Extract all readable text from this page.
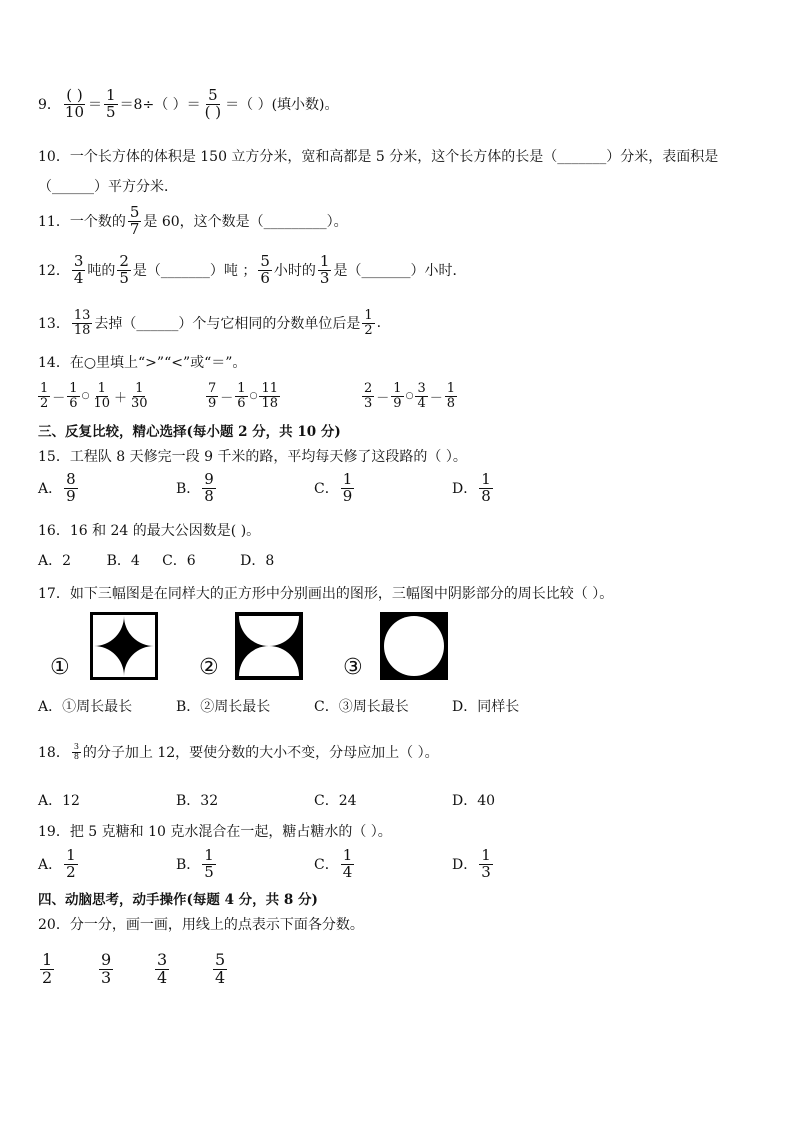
9． $\frac{( )}{10} = \frac{1}{5} =8\div$（ ）＝ $\frac{5}{( )}$ ＝（ ）(填小数)。
10．一个长方体的体积是 150 立方分米，宽和高都是 5 分米，这个长方体的长是（_______）分米，表面积是
（______）平方分米．
11．一个数的 $\frac{5}{7}$ 是 60，这个数是（_________）。
12． $\frac{3}{4}$ 吨的 $\frac{2}{5}$ 是（_______）吨 ； $\frac{5}{6}$ 小时的 $\frac{1}{3}$ 是（_______）小时．
13． $\frac{13}{18}$ 去掉（______）个与它相同的分数单位后是 $\frac{1}{2}$ .
14．在○里填上“>”“<”或“＝”。
$\frac{1}{2} - \frac{1}{6}$ ○ $\frac{1}{10} + \frac{1}{30}$	$\frac{7}{9} - \frac{1}{6}$ ○ $\frac{11}{18}$	$\frac{2}{3} - \frac{1}{9}$ ○ $\frac{3}{4} - \frac{1}{8}$
三、反复比较，精心选择(每小题 2 分，共 10 分)
15．工程队 8 天修完一段 9 千米的路，平均每天修了这段路的（ ）。
A． $\frac{8}{9}$	B． $\frac{9}{8}$	C． $\frac{1}{9}$	D． $\frac{1}{8}$
16．16 和 24 的最大公因数是( )。
A．2        B．4     C．6          D．8
17．如下三幅图是在同样大的正方形中分别画出的图形，三幅图中阴影部分的周长比较（ ）。
①	②	③
A．①周长最长	B．②周长最长	C．③周长最长	D．同样长
18． $\frac{3}{8}$ 的分子加上 12，要使分数的大小不变，分母应加上（ ）。
A．12	B．32	C．24	D．40
19．把 5 克糖和 10 克水混合在一起，糖占糖水的（ ）。
A． $\frac{1}{2}$	B． $\frac{1}{5}$	C． $\frac{1}{4}$	D． $\frac{1}{3}$
四、动脑思考，动手操作(每题 4 分，共 8 分)
20．分一分，画一画，用线上的点表示下面各分数。
$\frac{1}{2}$	$\frac{9}{3}$	$\frac{3}{4}$	$\frac{5}{4}$
